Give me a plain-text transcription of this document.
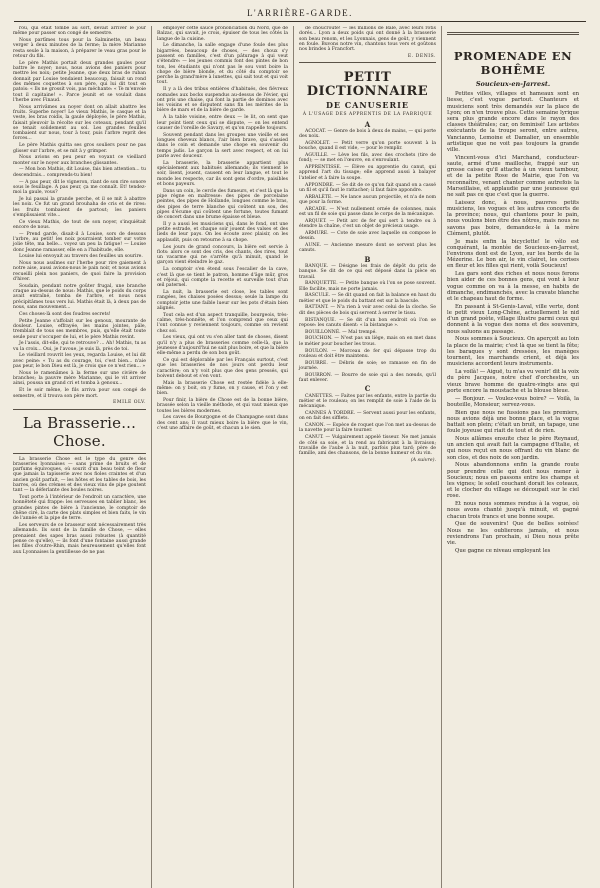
L'ARRIÈRE-GARDE.

rou, qui était tombé au sort, devait arriver le jour même pour passer son congé de semestre.

Nous partîmes tous pour la Salminette, un beau verger à deux minutes de la ferme; la mère Marianne resta seule à la maison, à préparer le veau gras pour le retour du fils.

Le père Mathis portait deux grandes gaules pour battre le noyer; nous, nous avions des paniers pour mettre les noix; petite Jeanne, que deux bras de ruban donnait par Louise tendaient beaucoup, faisait un rond des mêmes coquettes à son père, qui lui dit tout en patois: « Ils ne grossit vois, pas méchante: « Te m'envoie tout il capitaine! ». Parce jeunit et se voulait dans l'herbe avec Finaud.

Nous arrivâmes au noyer dont on allait abattre les fruits. Superbe noyer! Le vieux Mathis, le casque et la veste, les bras roidis, la gaule déployée, le père Mathis, faisait pleuvoir la récolte sur les coteaux, pendant qu'il se tenait solidement au sol. Les grandes feuilles tombaient sur nous, tour à tour, puis l'arbre reprit des forces...

Le père Mathis quitta ses gros souliers pour ne pas glisser sur l'arbre, et se mit à y grimper.

Nous avions en peu peur en voyant ce vieillard monter sur le noyer aux branches glissantes.

— Mon bon Mathis, dit Louise, fais bien attention... tu descendrais... comprends-tu bien!

— A pas peur, dit le vigneron, riant de son rire sonore sous le feuillage. A pas peur, ça me connaît. Et! tendez-moi la gaule, vous?

Je lui passai la grande perche, et il se mit à abattre les noix. Ce fut un grand brouhaha de cris et de rires: les fruits tombaient de partout; les paniers s'emplissaient vite...

Ce vieux Mathis, de tout de son noyer, s'inquiétait encore de nous.

— Prend garde, disait-il à Louise, sors de dessous l'arbre, au petit! les noix pourraient tomber sur votre jolie tête, ma belle... voyez un peu la fatigue! — Louise donc Jeanne ramasser, elle en a l'habitude, elle.

Louise lui envoyait au travers des feuilles un sourire.

Nous nous assîmes sur l'herbe pour rire gaiement à notre aise, aussi avions-nous le pain noir, et nous avions recueilli plein nos paniers, de quoi faire la provision d'hiver.

Soudain, pendant notre goûter frugal, une branche craque au-dessus de nous: Mathis, que le poids du corps avait entraîné, tomba de l'arbre, et nous nous précipitâmes tous vers lui. Mathis était là, à deux pas de nous, sans mouvement...

Ces choses-là sont des foudres secrets!

Petite Jeanne s'affolait sur les genoux, mourante de douleur. Louise, effrayée, les mains jointes, pâle, tremblait de tous ses membres, puis, qu'elle était toute seule pour s'occuper de lui, et le père Mathis revint.

Je l'assis, dit-elle, qui te retrouve? ... Ah! Mathis, tu as vu la croix... Oui, je l'avoue, je suis là, près de toi.

Le vieillard rouvrit les yeux, regarda Louise, et lui dit avec peine: « Tu as du courage, toi, c'est bien... n'aie pas peur, le bon Dieu est là, je crois que ce n'est rien... »

Nous le ramenâmes à la ferme sur une civière de branches; la pauvre mère Marianne, qui le vit arriver ainsi, poussa un grand cri et tomba à genoux...

Et le soir même, le fils arriva pour son congé de semestre, et il trouva son père mort.

EMILE OLV.
La Brasserie... Chose.

La brasserie Chose est le type du genre des brasseries lyonnaises — sans prime de bruits et de parfums équivoques, où sourit d'un beau teint de fleur que jamais la tapisserie avec nos fioles craintes et d'un ancien goût parfait, — les hôtes et les tables de bois, les barres, où des crèmes et des vieux vins de pipe goutent tant — la déferlante des boules noires.

Tout porte à l'intérieur de l'endroit un caractère, une honnêteté qui frappe: les serveuses en tablier blanc, les grandes pintes de bière à l'ancienne, le comptoir de chêne ciré, la carte des plats simples et bien faits, le vin de l'année et la pipe de terre.

Les serveurs de ce brasseur sont nécessairement très allemands. Ils sont de la famille de Chose, — elles prenaient des sapes bras aussi robustes (à quantité pense ce qu'elle), — ils font d'une fontaine aussi grande les filles d'outre-Rhin, mais heureusement qu'elles font aux Lyonnaises la gentillesse de ne pas

employer cette sauce prononciation du Nord, que de Balzac, qui savait, je crois, épuiser de tous les côtés la langue de la cuisine.

Le dimanche, la salle engage d'une foule des plus bigarrées, beaucoup de choses, — des choux s'y passent en familles, c'est d'un pâturage à qui veut s'étendre: — les jeunes commis font des pintes de bon ton, les étudiants qui n'ont pas le sou vont boire la chope de bière blonde, et du côté du comptoir se perche la grand'mère à lunettes, qui sait tout et qui voit tout.

Il y a là des tribus entières d'habitués, des fiévreux nomades aux bocks suspendus au-dessus de l'évier, qui ont pris une chaise, qui font la partie de dominos avec les voisins et se disputent sans fin les mérites de la bière de mars et de la bière de garde.

À la table voisine, entre deux — le lit, on sent que leur point tient ceux qui se dispute, — on les entend causer de l'oreille de Savary, et qu'on rappelle toujours.

Souvent pendant dans les groupes une vieille et ses longues cheveux blancs, l'air bien brave, qui s'assied dans le coin et demande une chope en souvenir du temps jadis. Le garçon la sert avec respect, et on lui parle avec douceur.

La brasserie, la brasserie appartient plus spécialement aux habitués allemands; ils viennent le soir, lisent, jouent, causent en leur langue, et tout le monde les respecte, car ils sont gens d'ordre, paisibles et bons payeurs.

Dans un coin, le cercle des fumeurs, et c'est là que la pipe règne en maîtresse: des pipes de porcelaine peintes, des pipes de Hollande, longues comme le bras, des pipes de terre blanche qui coûtent un sou, des pipes d'écume qui coûtent une fortune, toutes fumant de concert dans une brume épaisse et bleue.

Il y a aussi les musiciens qui, dans le fond, ont une petite estrade, et chaque soir jouent des valses et des lieds de leur pays. On les écoute avec plaisir, on les applaudit, puis on retourne à sa chope.

Les jours de grand concours, la bière est servie à flots: alors ce sont des cris, des chants, des rires, tout un vacarme qui ne s'arrête qu'à minuit, quand le garçon vient éteindre le gaz.

La comptoir s'en étend sous l'escalier de la cave, c'est là que se tient le patron, homme d'âge mûr, gros et réjoui, qui compte la recette et surveille tout d'un œil paternel.

La nuit, la brasserie est close, les tables sont rangées, les chaises posées dessus; seule la lampe du comptoir jette une faible lueur sur les pots d'étain bien alignés.

Tout cela est d'un aspect tranquille, bourgeois, très-calme, très-honnête, et l'on comprend que ceux qui l'ont connue y reviennent toujours, comme on revient chez soi.

Les vieux, qui ont vu s'en aller tant de choses, disent qu'il n'y a plus de brasseries comme celle-là, que la jeunesse d'aujourd'hui ne sait plus boire, et que la bière elle-même a perdu de son bon goût.

Ce qui est déplorable par les Français surtout, c'est que les brasseries de nos jours ont perdu leur caractère; on n'y voit plus que des gens pressés, qui boivent debout et s'en vont.

Mais la brasserie Chose est restée fidèle à elle-même: on y boit, on y fume, on y cause, et l'on y est bien.

Pour finir, la bière de Chose est de la bonne bière, brassée selon la vieille méthode, et qui vaut mieux que toutes les bières modernes.

Les caves de Bourgogne et de Champagne sont dans des cent ans; Il vaut mieux boire la bière que le vin, c'est une affaire de goût, et chacun a le sien.

de choucroute! — les millions de Bâle, avec leurs rôtis dorés... Lyon a deux poids qui ont donné à la brasserie son beau renom, et les Lyonnais, gens de goût, y viennent en foule. Buvons notre vin, chantons tous vers et goûtons nos brindes à Francfort.

E. DENIS.
PETIT DICTIONNAIRE
DE CANUSERIE
À L'USAGE DES APPRENTIS DE LA FABRIQUE
A

ACOCAT. — Genre de bois à deux de mains, — qui porte des noix.

AGNOLET. — Petit verre qu'on porte souvent à la bouche, quand il est vide, — pour le remplir.

AGUILLE. — Lève les fils, avec des crochets (tire de fond); — se met en l'œuvre, en s'enroulant.

APPRENTISSE. — Élève ou apprentie du canut, qui apprend l'art du tissage; elle apprend aussi à balayer l'atelier et à faire la soupe.

APPONDRE. — Se dit de ce qu'on fait quand on a cassé un fil et qu'il faut le rattacher; il faut faire appondre.

ARBALÈTE. — Ne lance aucun projectile, et n'a de nom que pour la forme.

ARCADE. — N'est nullement ornée de colonnes, mais est un fil de soie qui passe dans le corps de la mécanique.

ARQUET. — Petit arc de fer qui sert à tendre ou à étendre la chaîne, c'est un objet de précieux usage.

ARMURE. — Cote de soie avec laquelle on compose le dessin.

AUNE. — Ancienne mesure dont se servent plus les canuts.

B

BANQUE. — Désigne les frais de dépôt du prix de banque. Se dit de ce qui est déposé dans la pièce en travail.

BANQUETTE. — Petite banque où l'on se pose souvent. Elle facilite, mais ne porte jamais.

BASCULE. — Se dit quand on fait la balance en haut du métier et que le poids du battant est sur la bascule.

BATTANT. — N'a rien à voir avec celui de la cloche. Se dit des pièces de bois qui servent à serrer le tissu.

BISTANQUE. — Se dit d'un bon endroit où l'on se repose: les canuts disent: « la bistanque ».

BOUILLONNÉ. — Mal trempé.

BOUCHON. — N'est pas un liège, mais on en met dans le métier pour boucher les trous.

BOULON. — Morceau de fer qui dépasse trop du rouleau et doit être maintenu.

BOURRE. — Débris de soie; se ramasse en fin de journée.

BOURRON. — Bourre de soie qui a des nœuds, qu'il faut enlever.

C

CANETTES. — Faites par les enfants, entre la partie du métier et le rouleau; on les remplit de soie à l'aide de la mécanique.

CANNES À TORDRE. — Servent aussi pour les enfants, on en fait des sifflets.

CANON. — Espèce de roquet que l'on met au-dessus de la navette pour la faire tourner.

CANUT. — Vulgairement appelé tisseur. Ne met jamais de côté sa soie, et la rend au fabricant à la livraison; travaille de l'aube à la nuit, parfois plus tard; père de famille, ami des chansons, de la bonne humeur et du vin.

(A suivre).
PROMENADE EN BOHÊME
Soucieux-en-Jarrest.

Petites villes, villages et hameaux sont en liesse, c'est vogue partout. Chanteurs et musiciens sont très demandés sur la place de Lyon; on n'en trouve plus. Cette semaine lyrique sera plus grande encore dans le rayon des classes théâtrales; car, on feminisé! Les artistes exécutants de la troupe seront, entre autres, Vancianno, Lemoine et Damalier, un ensemble artistique que ne voit pas toujours la grande ville.

Vincent-vous d'ici Marchand, conducteur-saute, armé d'une mailloche, frappé sur un grosse caisse qu'il attache à un vieux tambour, et de la petite Rose de Mairie, que l'on va reconnaître, venant chanter comme autrefois la Marseillaise, et applaudie par une jeunesse qui ne sait pas ce que c'est que la guerre.

Laissez donc, à nous, pauvres petits musiciens, les vogues et les autres concerts de la province; nous, qui chantons pour le pain, nous voulons bien être des nôtres, mais nous ne savons pas boire, demandez-le à la mère Clément, plutôt.

Je mais enfin la bicyclette! le vélo est conquérant, la montée de Soucieux-en-Jarrest, l'environs dont est de Lyon, sur les bords de la Mézerine. Le bon air, le vin clairet, les cerises en fleur et les filles qui rient, voilà Soucieux!

Les gars sont des riches et nous nous ferons bien aider de ces bonnes gens, qui vont à leur vogue comme on va à la messe, en habits de dimanche, endimanchés, avec la cravate blanche et le chapeau haut de forme.

En passant à St-Genis-Laval, ville verte, dont le petit vieux Long-Chêne, actuellement le nid d'un grand poète, village illustre parmi ceux qui donnent à la vogue des noms et des souvenirs, nous saluons au passage.

Nous sommes à Soucieux. On aperçoit au loin la place de la mairie; c'est là que se tient la fête; les baraques y sont dressées, les manèges tournent, les marchands crient, et déjà les musiciens accordent leurs instruments.

La voilà! — Aiguë, tu m'as vu venir! dit la voix du père Jacques, notre chef d'orchestre, un vieux brave homme de quatre-vingts ans qui porte encore la moustache et la blouse bleue.

— Bonjour. — Voulez-vous boire? — Voilà, la bouteille, Monsieur, servez-vous.

Bien que nous ne fussions pas les premiers, nous avions déjà une bonne place, et la vogue battait son plein; c'était un bruit, un tapage, une foule joyeuse qui riait de tout et de rien.

Nous allâmes ensuite chez le père Reynaud, un ancien qui avait fait la campagne d'Italie, et qui nous reçut en nous offrant du vin blanc de son clos, et des noix de son jardin.

Nous abandonnons enfin la grande route pour prendre celle qui doit nous mener à Soucieux; nous en passons entre les champs et les vignes; le soleil couchant dorait les coteaux, et le clocher du village se découpait sur le ciel rose.

Et nous nous sommes rendus à la vogue, où nous avons chanté jusqu'à minuit, et gagné chacun trois francs et une bonne soupe.

Que de souvenirs! Que de belles soirées! Nous ne les oublierons jamais, et nous reviendrons l'an prochain, si Dieu nous prête vie.

Que gagne ce niveau employant les
